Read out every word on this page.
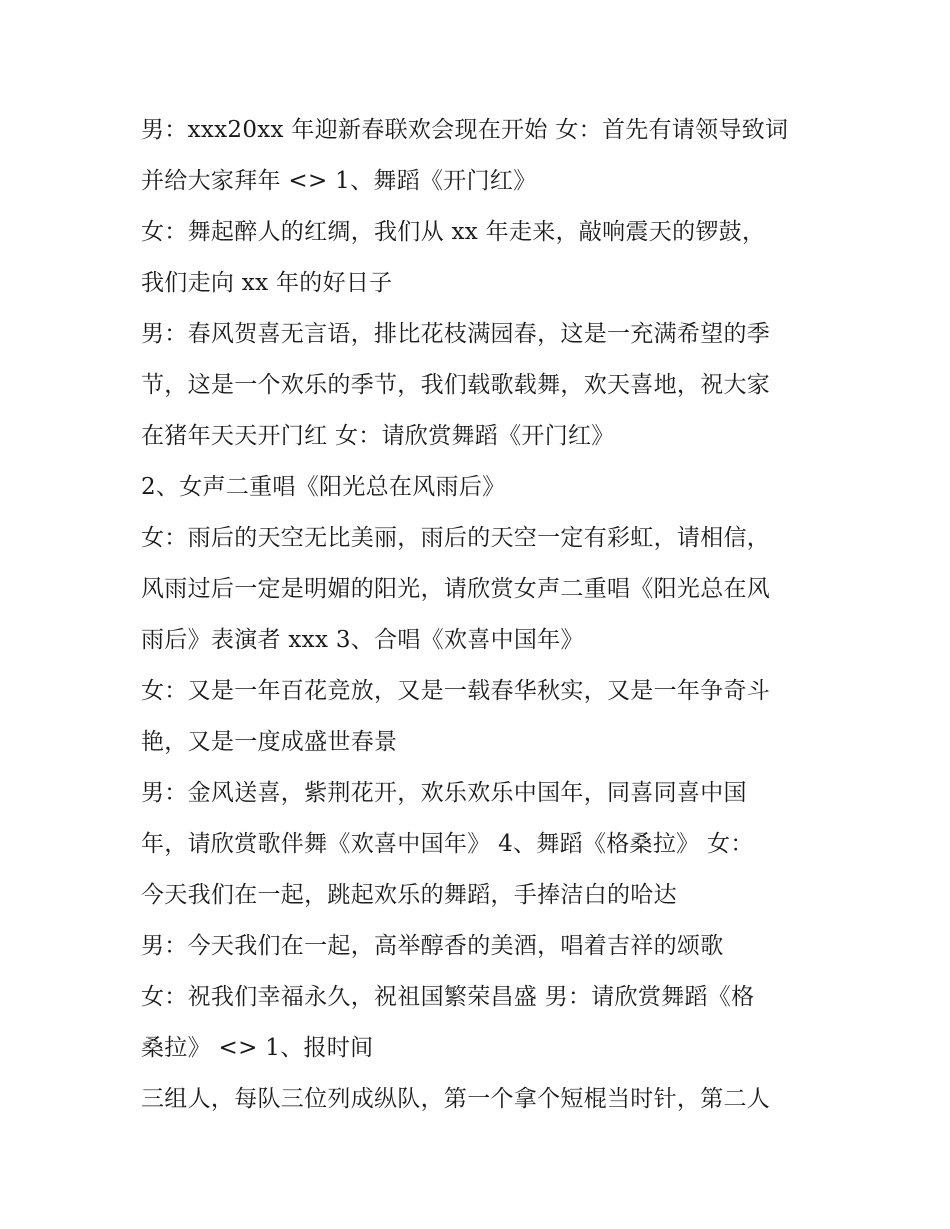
男：xxx20xx 年迎新春联欢会现在开始 女：首先有请领导致词
并给大家拜年 <> 1、舞蹈《开门红》
女：舞起醉人的红绸，我们从 xx 年走来，敲响震天的锣鼓，
我们走向 xx 年的好日子
男：春风贺喜无言语，排比花枝满园春，这是一充满希望的季
节，这是一个欢乐的季节，我们载歌载舞，欢天喜地，祝大家
在猪年天天开门红 女：请欣赏舞蹈《开门红》
2、女声二重唱《阳光总在风雨后》
女：雨后的天空无比美丽，雨后的天空一定有彩虹，请相信，
风雨过后一定是明媚的阳光，请欣赏女声二重唱《阳光总在风
雨后》表演者 xxx 3、合唱《欢喜中国年》
女：又是一年百花竞放，又是一载春华秋实，又是一年争奇斗
艳，又是一度成盛世春景
男：金风送喜，紫荆花开，欢乐欢乐中国年，同喜同喜中国
年，请欣赏歌伴舞《欢喜中国年》 4、舞蹈《格桑拉》 女：
今天我们在一起，跳起欢乐的舞蹈，手捧洁白的哈达
男：今天我们在一起，高举醇香的美酒，唱着吉祥的颂歌
女：祝我们幸福永久，祝祖国繁荣昌盛 男：请欣赏舞蹈《格
桑拉》 <> 1、报时间
三组人，每队三位列成纵队，第一个拿个短棍当时针，第二人
